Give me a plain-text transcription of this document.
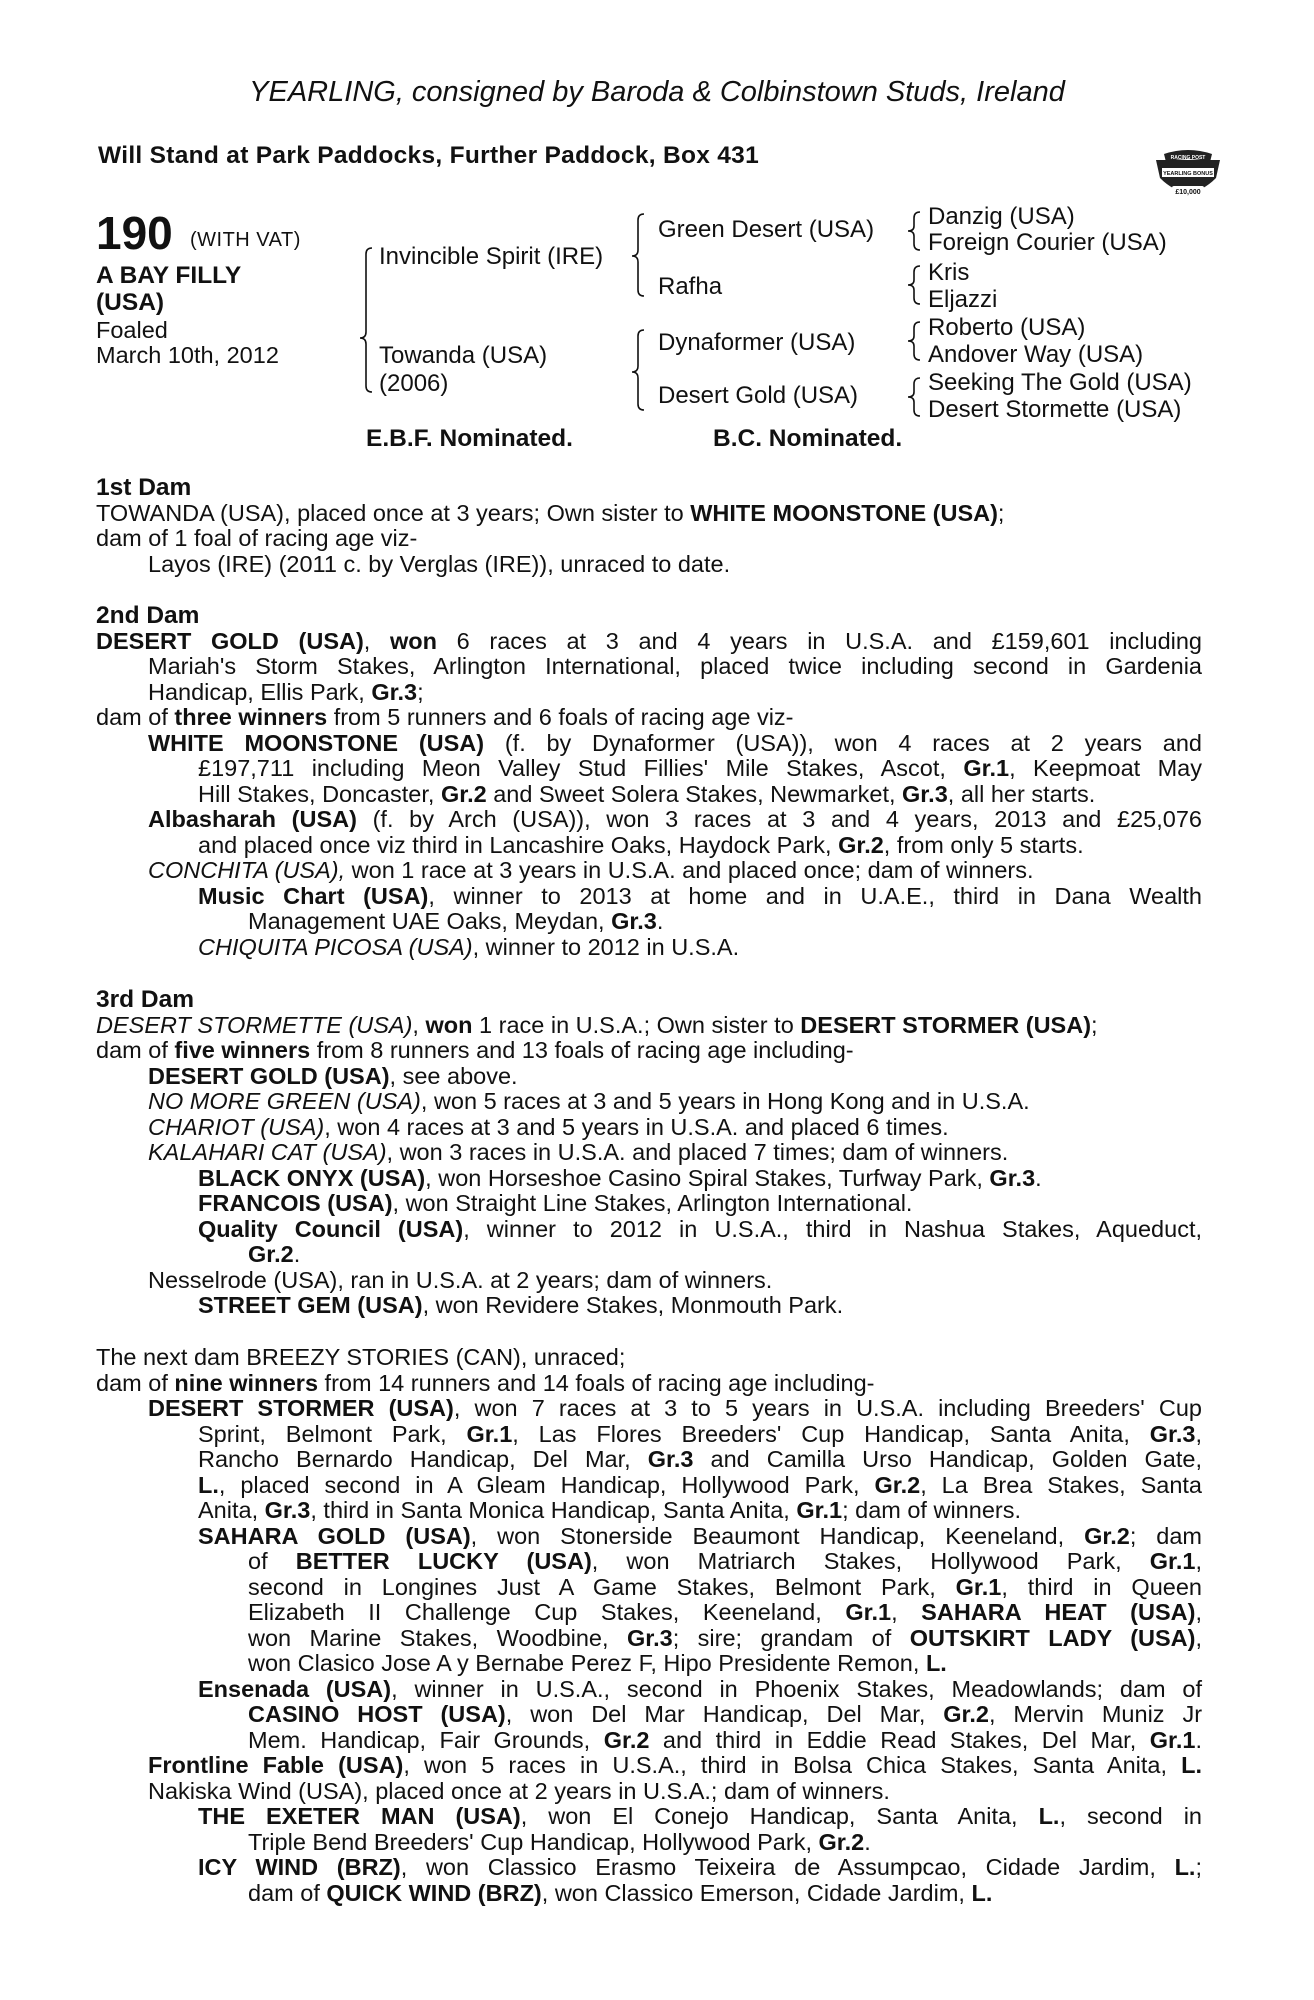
YEARLING, consigned by Baroda & Colbinstown Studs, Ireland
Will Stand at Park Paddocks, Further Paddock, Box 431	RACING POST
YEARLING BONUS
£10,000
190 (WITH VAT)
A BAY FILLY
(USA)
Foaled
March 10th, 2012
Invincible Spirit (IRE)
Towanda (USA)
(2006)
Green Desert (USA)
Rafha
Dynaformer (USA)
Desert Gold (USA)
Danzig (USA)
Foreign Courier (USA)
Kris
Eljazzi
Roberto (USA)
Andover Way (USA)
Seeking The Gold (USA)
Desert Stormette (USA)
E.B.F. Nominated.	B.C. Nominated.
1st Dam
TOWANDA (USA), placed once at 3 years; Own sister to WHITE MOONSTONE (USA);
dam of 1 foal of racing age viz-
Layos (IRE) (2011 c. by Verglas (IRE)), unraced to date.
2nd Dam
DESERT GOLD (USA), won 6 races at 3 and 4 years in U.S.A. and £159,601 including
Mariah's Storm Stakes, Arlington International, placed twice including second in Gardenia
Handicap, Ellis Park, Gr.3;
dam of three winners from 5 runners and 6 foals of racing age viz-
WHITE MOONSTONE (USA) (f. by Dynaformer (USA)), won 4 races at 2 years and
£197,711 including Meon Valley Stud Fillies' Mile Stakes, Ascot, Gr.1, Keepmoat May
Hill Stakes, Doncaster, Gr.2 and Sweet Solera Stakes, Newmarket, Gr.3, all her starts.
Albasharah (USA) (f. by Arch (USA)), won 3 races at 3 and 4 years, 2013 and £25,076
and placed once viz third in Lancashire Oaks, Haydock Park, Gr.2, from only 5 starts.
CONCHITA (USA), won 1 race at 3 years in U.S.A. and placed once; dam of winners.
Music Chart (USA), winner to 2013 at home and in U.A.E., third in Dana Wealth
Management UAE Oaks, Meydan, Gr.3.
CHIQUITA PICOSA (USA), winner to 2012 in U.S.A.
3rd Dam
DESERT STORMETTE (USA), won 1 race in U.S.A.; Own sister to DESERT STORMER (USA);
dam of five winners from 8 runners and 13 foals of racing age including-
DESERT GOLD (USA), see above.
NO MORE GREEN (USA), won 5 races at 3 and 5 years in Hong Kong and in U.S.A.
CHARIOT (USA), won 4 races at 3 and 5 years in U.S.A. and placed 6 times.
KALAHARI CAT (USA), won 3 races in U.S.A. and placed 7 times; dam of winners.
BLACK ONYX (USA), won Horseshoe Casino Spiral Stakes, Turfway Park, Gr.3.
FRANCOIS (USA), won Straight Line Stakes, Arlington International.
Quality Council (USA), winner to 2012 in U.S.A., third in Nashua Stakes, Aqueduct,
Gr.2.
Nesselrode (USA), ran in U.S.A. at 2 years; dam of winners.
STREET GEM (USA), won Revidere Stakes, Monmouth Park.
The next dam BREEZY STORIES (CAN), unraced;
dam of nine winners from 14 runners and 14 foals of racing age including-
DESERT STORMER (USA), won 7 races at 3 to 5 years in U.S.A. including Breeders' Cup
Sprint, Belmont Park, Gr.1, Las Flores Breeders' Cup Handicap, Santa Anita, Gr.3,
Rancho Bernardo Handicap, Del Mar, Gr.3 and Camilla Urso Handicap, Golden Gate,
L., placed second in A Gleam Handicap, Hollywood Park, Gr.2, La Brea Stakes, Santa
Anita, Gr.3, third in Santa Monica Handicap, Santa Anita, Gr.1; dam of winners.
SAHARA GOLD (USA), won Stonerside Beaumont Handicap, Keeneland, Gr.2; dam
of BETTER LUCKY (USA), won Matriarch Stakes, Hollywood Park, Gr.1,
second in Longines Just A Game Stakes, Belmont Park, Gr.1, third in Queen
Elizabeth II Challenge Cup Stakes, Keeneland, Gr.1, SAHARA HEAT (USA),
won Marine Stakes, Woodbine, Gr.3; sire; grandam of OUTSKIRT LADY (USA),
won Clasico Jose A y Bernabe Perez F, Hipo Presidente Remon, L.
Ensenada (USA), winner in U.S.A., second in Phoenix Stakes, Meadowlands; dam of
CASINO HOST (USA), won Del Mar Handicap, Del Mar, Gr.2, Mervin Muniz Jr
Mem. Handicap, Fair Grounds, Gr.2 and third in Eddie Read Stakes, Del Mar, Gr.1.
Frontline Fable (USA), won 5 races in U.S.A., third in Bolsa Chica Stakes, Santa Anita, L.
Nakiska Wind (USA), placed once at 2 years in U.S.A.; dam of winners.
THE EXETER MAN (USA), won El Conejo Handicap, Santa Anita, L., second in
Triple Bend Breeders' Cup Handicap, Hollywood Park, Gr.2.
ICY WIND (BRZ), won Classico Erasmo Teixeira de Assumpcao, Cidade Jardim, L.;
dam of QUICK WIND (BRZ), won Classico Emerson, Cidade Jardim, L.
